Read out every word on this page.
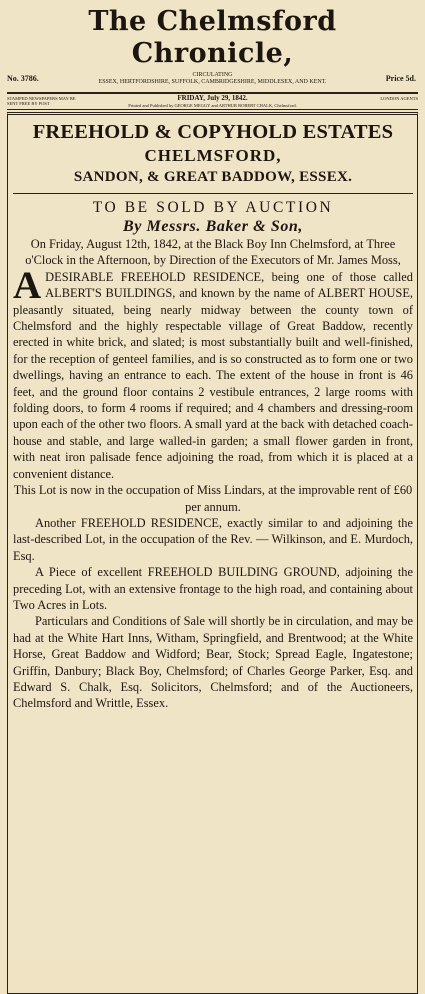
The Chelmsford Chronicle,
No. 3786.	CIRCULATING
ESSEX, HERTFORDSHIRE, SUFFOLK, CAMBRIDGESHIRE, MIDDLESEX, AND KENT.	Price 5d.
STAMPED NEWSPAPERS MAY BE SENT FREE BY POST
FRIDAY, July 29, 1842.
Printed and Published by GEORGE MEGGY and ARTHUR ROBERT CHALK, Chelmsford.
LONDON AGENTS
FREEHOLD & COPYHOLD ESTATES
CHELMSFORD,
SANDON, & GREAT BADDOW, ESSEX.
TO BE SOLD BY AUCTION
By Messrs. Baker & Son,

On Friday, August 12th, 1842, at the Black Boy Inn Chelmsford, at Three o'Clock in the Afternoon, by Direction of the Executors of Mr. James Moss,

A DESIRABLE FREEHOLD RESIDENCE, being one of those called ALBERT'S BUILDINGS, and known by the name of ALBERT HOUSE, pleasantly situated, being nearly midway between the county town of Chelmsford and the highly respectable village of Great Baddow, recently erected in white brick, and slated; is most substantially built and well-finished, for the reception of genteel families, and is so constructed as to form one or two dwellings, having an entrance to each. The extent of the house in front is 46 feet, and the ground floor contains 2 vestibule entrances, 2 large rooms with folding doors, to form 4 rooms if required; and 4 chambers and dressing-room upon each of the other two floors. A small yard at the back with detached coach-house and stable, and large walled-in garden; a small flower garden in front, with neat iron palisade fence adjoining the road, from which it is placed at a convenient distance.

This Lot is now in the occupation of Miss Lindars, at the improvable rent of £60 per annum.

Another FREEHOLD RESIDENCE, exactly similar to and adjoining the last-described Lot, in the occupation of the Rev. — Wilkinson, and E. Murdoch, Esq.

A Piece of excellent FREEHOLD BUILDING GROUND, adjoining the preceding Lot, with an extensive frontage to the high road, and containing about Two Acres in Lots.

Particulars and Conditions of Sale will shortly be in circulation, and may be had at the White Hart Inns, Witham, Springfield, and Brentwood; at the White Horse, Great Baddow and Widford; Bear, Stock; Spread Eagle, Ingatestone; Griffin, Danbury; Black Boy, Chelmsford; of Charles George Parker, Esq. and Edward S. Chalk, Esq. Solicitors, Chelmsford; and of the Auctioneers, Chelmsford and Writtle, Essex.
